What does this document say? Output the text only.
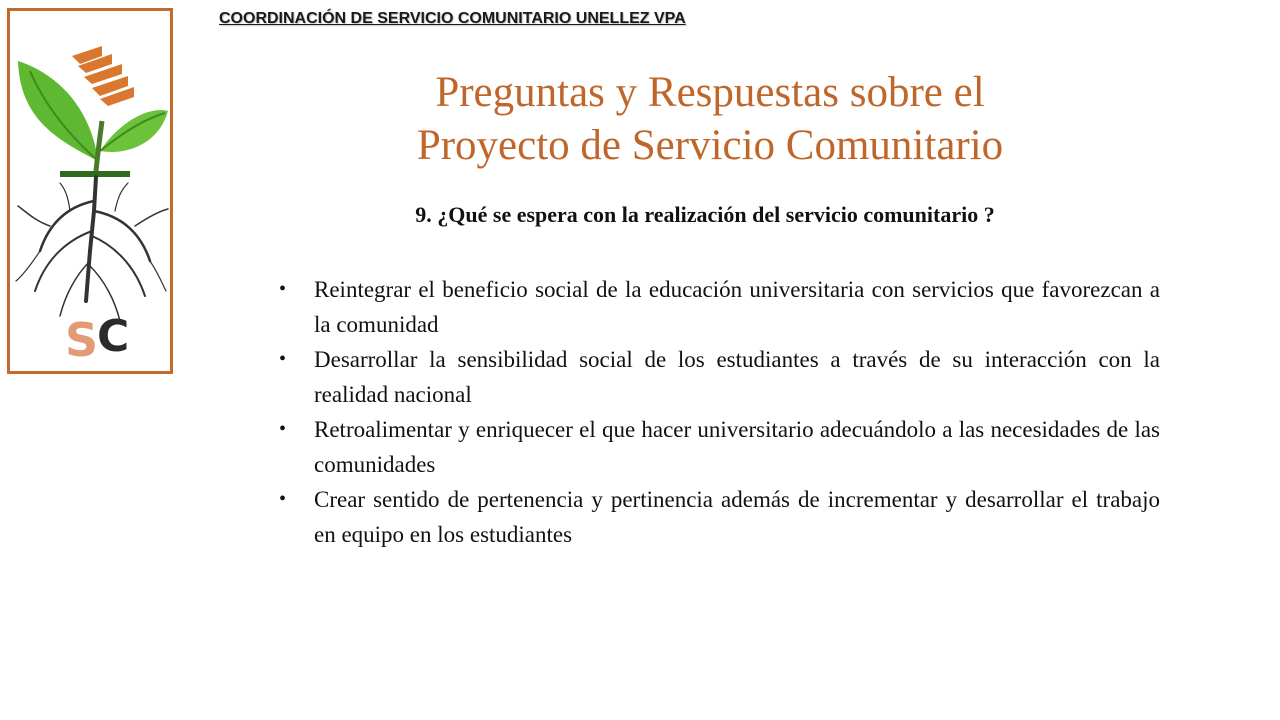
S
C
COORDINACIÓN DE SERVICIO COMUNITARIO UNELLEZ VPA
Preguntas y Respuestas sobre el
Proyecto de Servicio Comunitario
9. ¿Qué se espera con la realización del servicio comunitario ?
• Reintegrar el beneficio social de la educación universitaria con servicios que favorezcan a la comunidad
• Desarrollar la sensibilidad social de los estudiantes a través de su interacción con la realidad nacional
• Retroalimentar y enriquecer el que hacer universitario adecuándolo a las necesidades de las comunidades
• Crear sentido de pertenencia y pertinencia además de incrementar y desarrollar el trabajo en equipo en los estudiantes
